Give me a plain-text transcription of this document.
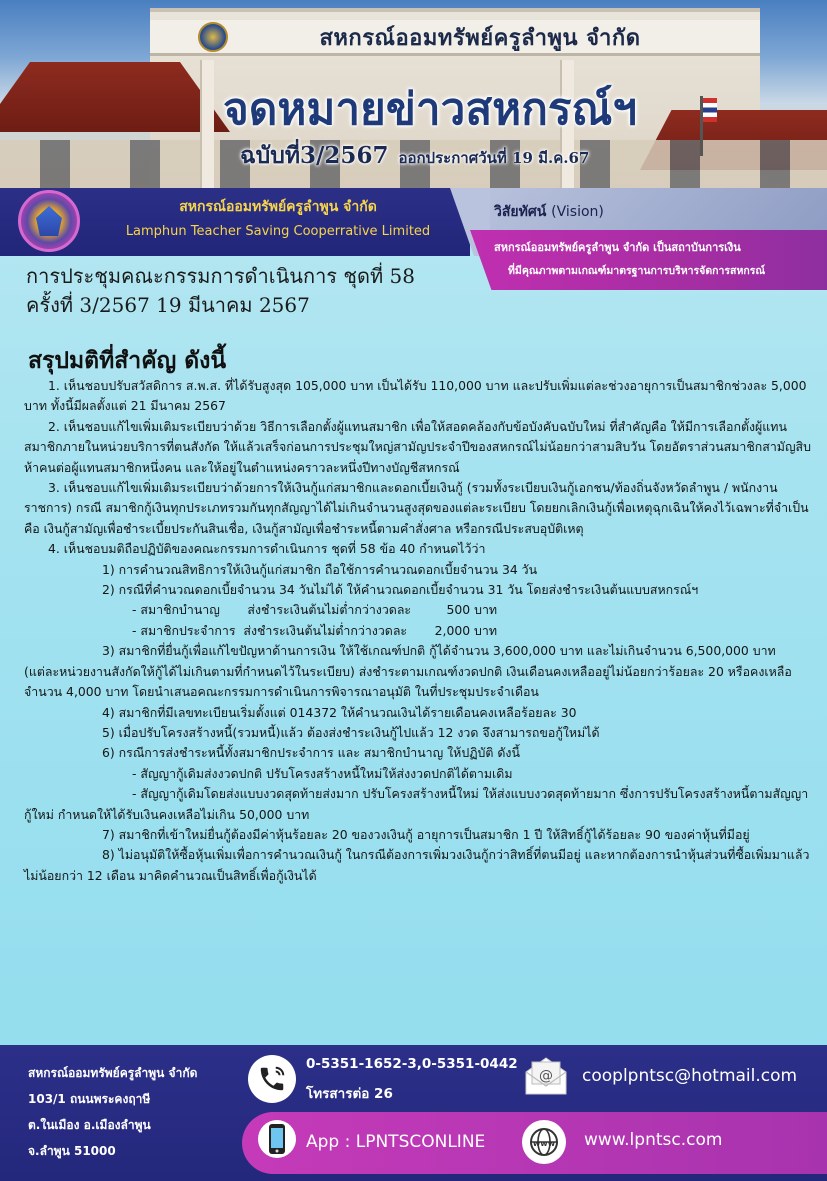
สหกรณ์ออมทรัพย์ครูลำพูน จำกัด
จดหมายข่าวสหกรณ์ฯ
ฉบับที่3/2567 ออกประกาศวันที่ 19 มี.ค.67
สหกรณ์ออมทรัพย์ครูลำพูน จำกัด
Lamphun Teacher Saving Cooperrative Limited
วิสัยทัศน์ (Vision)
สหกรณ์ออมทรัพย์ครูลำพูน จำกัด เป็นสถาบันการเงิน
ที่มีคุณภาพตามเกณฑ์มาตรฐานการบริหารจัดการสหกรณ์
การประชุมคณะกรรมการดำเนินการ ชุดที่ 58
ครั้งที่ 3/2567 19 มีนาคม 2567
สรุปมติที่สำคัญ ดังนี้

1. เห็นชอบปรับสวัสดิการ ส.พ.ส. ที่ได้รับสูงสุด 105,000 บาท เป็นได้รับ 110,000 บาท และปรับเพิ่มแต่ละช่วงอายุการเป็นสมาชิกช่วงละ 5,000 บาท ทั้งนี้มีผลตั้งแต่ 21 มีนาคม 2567

2. เห็นชอบแก้ไขเพิ่มเติมระเบียบว่าด้วย วิธีการเลือกตั้งผู้แทนสมาชิก เพื่อให้สอดคล้องกับข้อบังคับฉบับใหม่ ที่สำคัญคือ ให้มีการเลือกตั้งผู้แทนสมาชิกภายในหน่วยบริการที่ตนสังกัด ให้แล้วเสร็จก่อนการประชุมใหญ่สามัญประจำปีของสหกรณ์ไม่น้อยกว่าสามสิบวัน โดยอัตราส่วนสมาชิกสามัญสิบห้าคนต่อผู้แทนสมาชิกหนึ่งคน และให้อยู่ในตำแหน่งคราวละหนึ่งปีทางบัญชีสหกรณ์

3. เห็นชอบแก้ไขเพิ่มเติมระเบียบว่าด้วยการให้เงินกู้แก่สมาชิกและดอกเบี้ยเงินกู้ (รวมทั้งระเบียบเงินกู้เอกชน/ท้องถิ่นจังหวัดลำพูน / พนักงานราชการ) กรณี สมาชิกกู้เงินทุกประเภทรวมกันทุกสัญญาได้ไม่เกินจำนวนสูงสุดของแต่ละระเบียบ โดยยกเลิกเงินกู้เพื่อเหตุฉุกเฉินให้คงไว้เฉพาะที่จำเป็นคือ เงินกู้สามัญเพื่อชำระเบี้ยประกันสินเชื่อ, เงินกู้สามัญเพื่อชำระหนี้ตามคำสั่งศาล หรือกรณีประสบอุบัติเหตุ

4. เห็นชอบมติถือปฏิบัติของคณะกรรมการดำเนินการ ชุดที่ 58 ข้อ 40 กำหนดไว้ว่า

1) การคำนวณสิทธิการให้เงินกู้แก่สมาชิก ถือใช้การคำนวณดอกเบี้ยจำนวน 34 วัน

2) กรณีที่คำนวณดอกเบี้ยจำนวน 34 วันไม่ได้ ให้คำนวณดอกเบี้ยจำนวน 31 วัน โดยส่งชำระเงินต้นแบบสหกรณ์ฯ

- สมาชิกบำนาญ       ส่งชำระเงินต้นไม่ต่ำกว่างวดละ         500 บาท

- สมาชิกประจำการ  ส่งชำระเงินต้นไม่ต่ำกว่างวดละ       2,000 บาท

3) สมาชิกที่ยื่นกู้เพื่อแก้ไขปัญหาด้านการเงิน ให้ใช้เกณฑ์ปกติ กู้ได้จำนวน 3,600,000 บาท และไม่เกินจำนวน 6,500,000 บาท (แต่ละหน่วยงานสังกัดให้กู้ได้ไม่เกินตามที่กำหนดไว้ในระเบียบ) ส่งชำระตามเกณฑ์งวดปกติ เงินเดือนคงเหลืออยู่ไม่น้อยกว่าร้อยละ 20 หรือคงเหลือจำนวน 4,000 บาท โดยนำเสนอคณะกรรมการดำเนินการพิจารณาอนุมัติ ในที่ประชุมประจำเดือน

4) สมาชิกที่มีเลขทะเบียนเริ่มตั้งแต่ 014372 ให้คำนวณเงินได้รายเดือนคงเหลือร้อยละ 30

5) เมื่อปรับโครงสร้างหนี้(รวมหนี้)แล้ว ต้องส่งชำระเงินกู้ไปแล้ว 12 งวด จึงสามารถขอกู้ใหม่ได้

6) กรณีการส่งชำระหนี้ทั้งสมาชิกประจำการ และ สมาชิกบำนาญ ให้ปฏิบัติ ดังนี้

- สัญญากู้เดิมส่งงวดปกติ ปรับโครงสร้างหนี้ใหม่ให้ส่งงวดปกติได้ตามเดิม

- สัญญากู้เดิมโดยส่งแบบงวดสุดท้ายส่งมาก ปรับโครงสร้างหนี้ใหม่ ให้ส่งแบบงวดสุดท้ายมาก ซึ่งการปรับโครงสร้างหนี้ตามสัญญากู้ใหม่ กำหนดให้ได้รับเงินคงเหลือไม่เกิน 50,000 บาท

7) สมาชิกที่เข้าใหม่ยื่นกู้ต้องมีค่าหุ้นร้อยละ 20 ของวงเงินกู้ อายุการเป็นสมาชิก 1 ปี ให้สิทธิ์กู้ได้ร้อยละ 90 ของค่าหุ้นที่มีอยู่

8) ไม่อนุมัติให้ซื้อหุ้นเพิ่มเพื่อการคำนวณเงินกู้ ในกรณีต้องการเพิ่มวงเงินกู้กว่าสิทธิ์ที่ตนมีอยู่ และหากต้องการนำหุ้นส่วนที่ซื้อเพิ่มมาแล้วไม่น้อยกว่า 12 เดือน มาคิดคำนวณเป็นสิทธิ์เพื่อกู้เงินได้

สหกรณ์ออมทรัพย์ครูลำพูน จำกัด
103/1 ถนนพระคงฤาษี
ต.ในเมือง อ.เมืองลำพูน
จ.ลำพูน 51000
0-5351-1652-3,0-5351-0442
โทรสารต่อ 26
@ cooplpntsc@hotmail.com
App : LPNTSCONLINE	www www.lpntsc.com
